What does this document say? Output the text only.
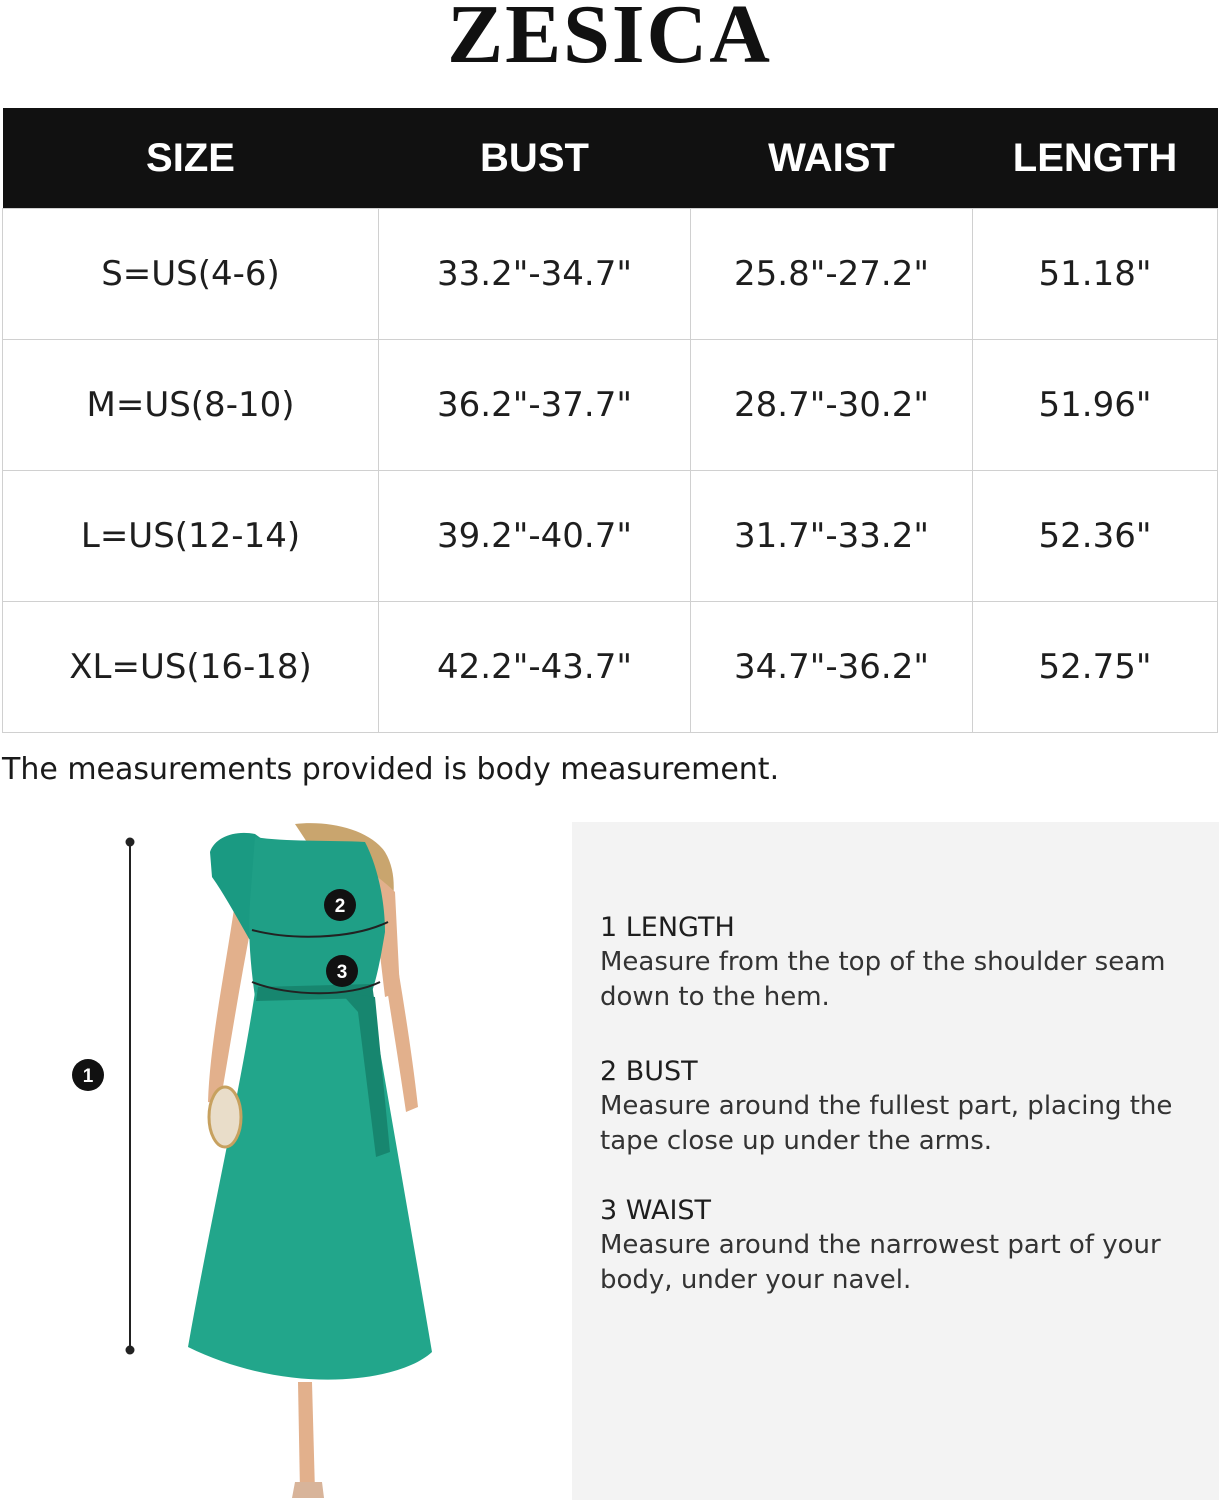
ZESICA
SIZE	BUST	WAIST	LENGTH
S=US(4-6)	33.2"-34.7"	25.8"-27.2"	51.18"
M=US(8-10)	36.2"-37.7"	28.7"-30.2"	51.96"
L=US(12-14)	39.2"-40.7"	31.7"-33.2"	52.36"
XL=US(16-18)	42.2"-43.7"	34.7"-36.2"	52.75"
The measurements provided is body measurement.
1
2
3
1 LENGTH
Measure from the top of the shoulder seam down to the hem.
2 BUST
Measure around the fullest part, placing the tape close up under the arms.
3 WAIST
Measure around the narrowest part of your body, under your navel.
